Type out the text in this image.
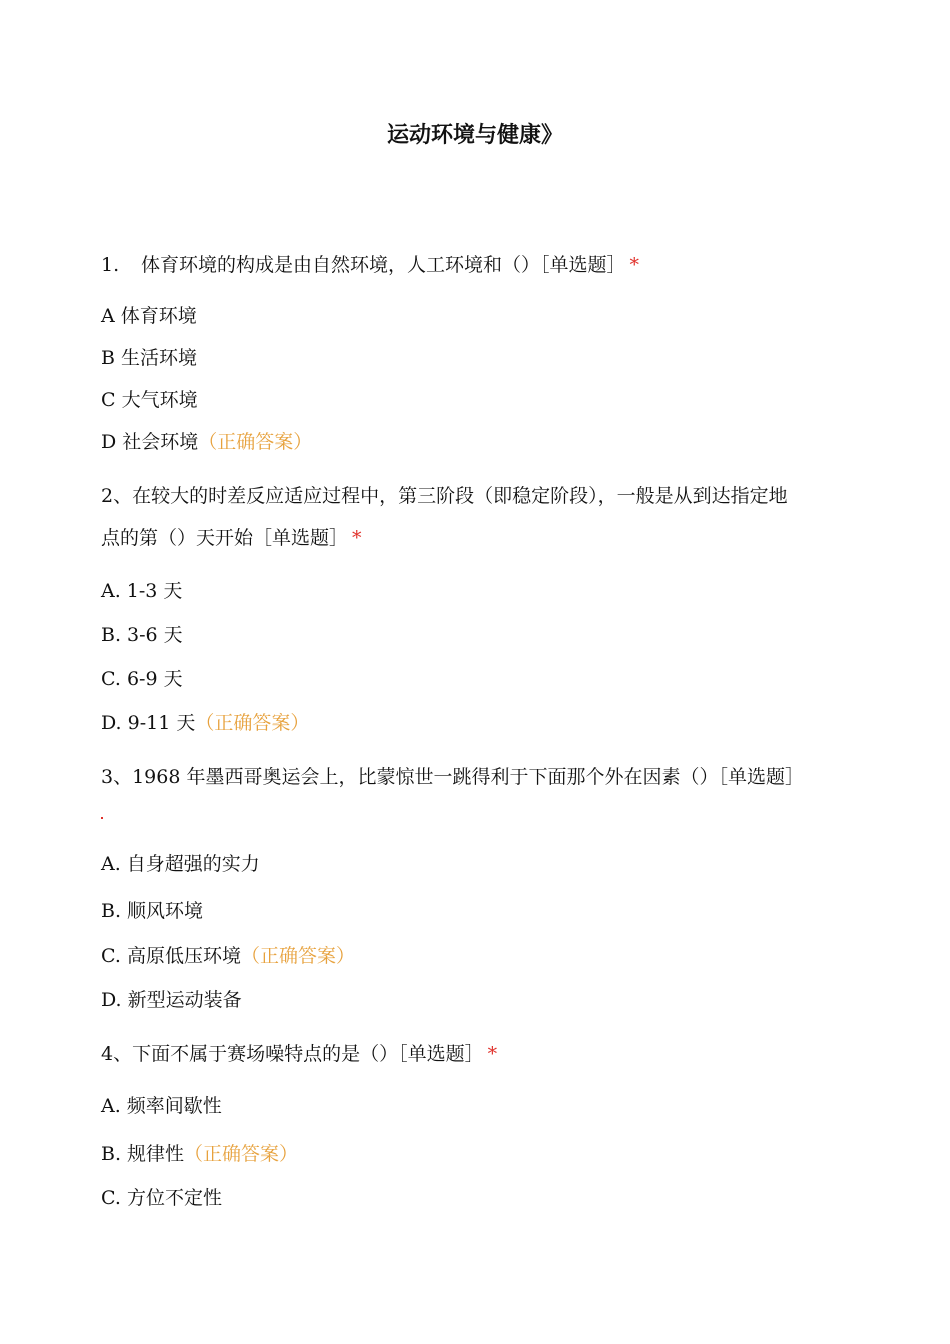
运动环境与健康》
1. 体育环境的构成是由自然环境，人工环境和（）［单选题］ *
A 体育环境
B 生活环境
C 大气环境
D 社会环境（正确答案）
2、在较大的时差反应适应过程中，第三阶段（即稳定阶段），一般是从到达指定地
点的第（）天开始［单选题］ *
A. 1-3 天
B. 3-6 天
C. 6-9 天
D. 9-11 天（正确答案）
3、1968 年墨西哥奥运会上，比蒙惊世一跳得利于下面那个外在因素（）［单选题］
A. 自身超强的实力
B. 顺风环境
C. 高原低压环境（正确答案）
D. 新型运动装备
4、下面不属于赛场噪特点的是（）［单选题］ *
A. 频率间歇性
B. 规律性（正确答案）
C. 方位不定性
